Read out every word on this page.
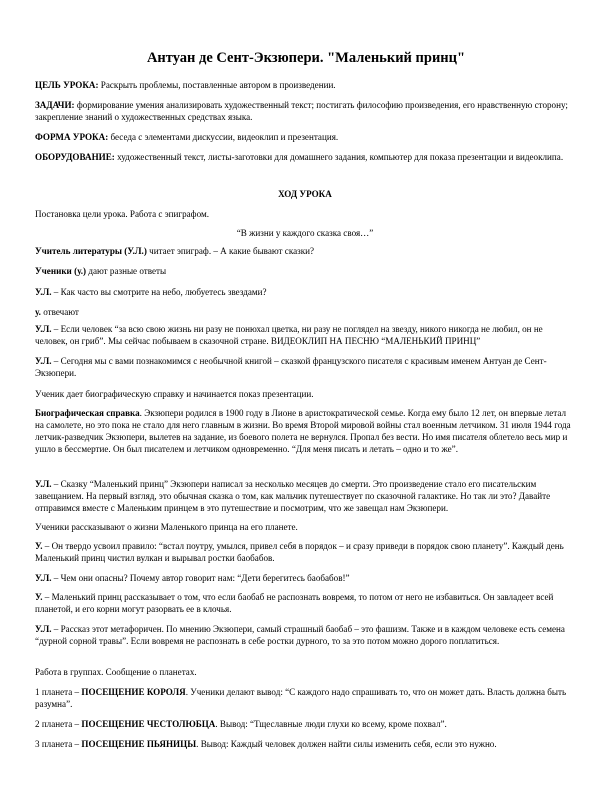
Антуан де Сент-Экзюпери. "Маленький принц"

ЦЕЛЬ УРОКА: Раскрыть проблемы, поставленные автором в произведении.

ЗАДАЧИ: формирование умения анализировать художественный текст; постигать философию произведения, его нравственную сторону; закрепление знаний о художественных средствах языка.

ФОРМА УРОКА: беседа с элементами дискуссии, видеоклип и презентация.

ОБОРУДОВАНИЕ: художественный текст, листы-заготовки для домашнего задания, компьютер для показа презентации и видеоклипа.

ХОД УРОКА

Постановка цели урока. Работа с эпиграфом.

“В жизни у каждого сказка своя…”

Учитель литературы (У.Л.) читает эпиграф. – А какие бывают сказки?

Ученики (у.) дают разные ответы

У.Л. – Как часто вы смотрите на небо, любуетесь звездами?

у. отвечают

У.Л. – Если человек “за всю свою жизнь ни разу не понюхал цветка, ни разу не поглядел на звезду, никого никогда не любил, он не человек, он гриб”. Мы сейчас побываем в сказочной стране. ВИДЕОКЛИП НА ПЕСНЮ “МАЛЕНЬКИЙ ПРИНЦ”

У.Л. – Сегодня мы с вами познакомимся с необычной книгой – сказкой французского писателя с красивым именем Антуан де Сент-Экзюпери.

Ученик дает биографическую справку и начинается показ презентации.

Биографическая справка. Экзюпери родился в 1900 году в Лионе в аристократической семье. Когда ему было 12 лет, он впервые летал на самолете, но это пока не стало для него главным в жизни. Во время Второй мировой войны стал военным летчиком. 31 июля 1944 года летчик-разведчик Экзюпери, вылетев на задание, из боевого полета не вернулся. Пропал без вести. Но имя писателя облетело весь мир и ушло в бессмертие. Он был писателем и летчиком одновременно. “Для меня писать и летать – одно и то же”.

У.Л. – Сказку “Маленький принц” Экзюпери написал за несколько месяцев до смерти. Это произведение стало его писательским завещанием. На первый взгляд, это обычная сказка о том, как мальчик путешествует по сказочной галактике. Но так ли это? Давайте отправимся вместе с Маленьким принцем в это путешествие и посмотрим, что же завещал нам Экзюпери.

Ученики рассказывают о жизни Маленького принца на его планете.

У. – Он твердо усвоил правило: “встал поутру, умылся, привел себя в порядок – и сразу приведи в порядок свою планету”. Каждый день Маленький принц чистил вулкан и вырывал ростки баобабов.

У.Л. – Чем они опасны? Почему автор говорит нам: “Дети берегитесь баобабов!”

У. – Маленький принц рассказывает о том, что если баобаб не распознать вовремя, то потом от него не избавиться. Он завладеет всей планетой, и его корни могут разорвать ее в клочья.

У.Л. – Рассказ этот метафоричен. По мнению Экзюпери, самый страшный баобаб – это фашизм. Также и в каждом человеке есть семена “дурной сорной травы”. Если вовремя не распознать в себе ростки дурного, то за это потом можно дорого поплатиться.

Работа в группах. Сообщение о планетах.

1 планета – ПОСЕЩЕНИЕ КОРОЛЯ. Ученики делают вывод: “С каждого надо спрашивать то, что он может дать. Власть должна быть разумна”.

2 планета – ПОСЕЩЕНИЕ ЧЕСТОЛЮБЦА. Вывод: “Тщеславные люди глухи ко всему, кроме похвал”.

3 планета – ПОСЕЩЕНИЕ ПЬЯНИЦЫ. Вывод: Каждый человек должен найти силы изменить себя, если это нужно.
